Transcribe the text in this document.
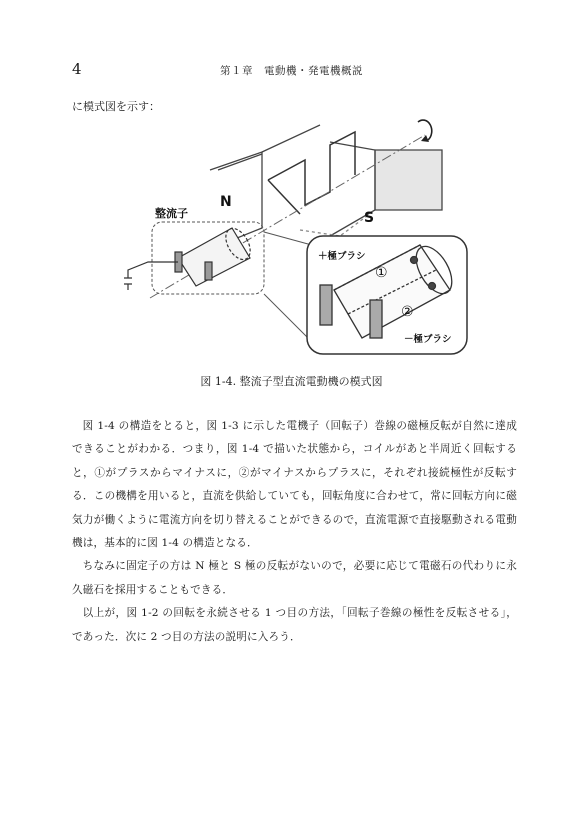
4	第１章　電動機・発電機概説
に模式図を示す：
N
S
整流子
＋極ブラシ
－極ブラシ
①
②
図 1-4. 整流子型直流電動機の模式図

図 1-4 の構造をとると，図 1-3 に示した電機子（回転子）巻線の磁極反転が自然に達成できることがわかる．つまり，図 1-4 で描いた状態から，コイルがあと半周近く回転すると，①がプラスからマイナスに，②がマイナスからプラスに，それぞれ接続極性が反転する．この機構を用いると，直流を供給していても，回転角度に合わせて，常に回転方向に磁気力が働くように電流方向を切り替えることができるので，直流電源で直接駆動される電動機は，基本的に図 1-4 の構造となる．

ちなみに固定子の方は N 極と S 極の反転がないので，必要に応じて電磁石の代わりに永久磁石を採用することもできる．

以上が，図 1-2 の回転を永続させる 1 つ目の方法，「回転子巻線の極性を反転させる」，であった．次に 2 つ目の方法の説明に入ろう．
